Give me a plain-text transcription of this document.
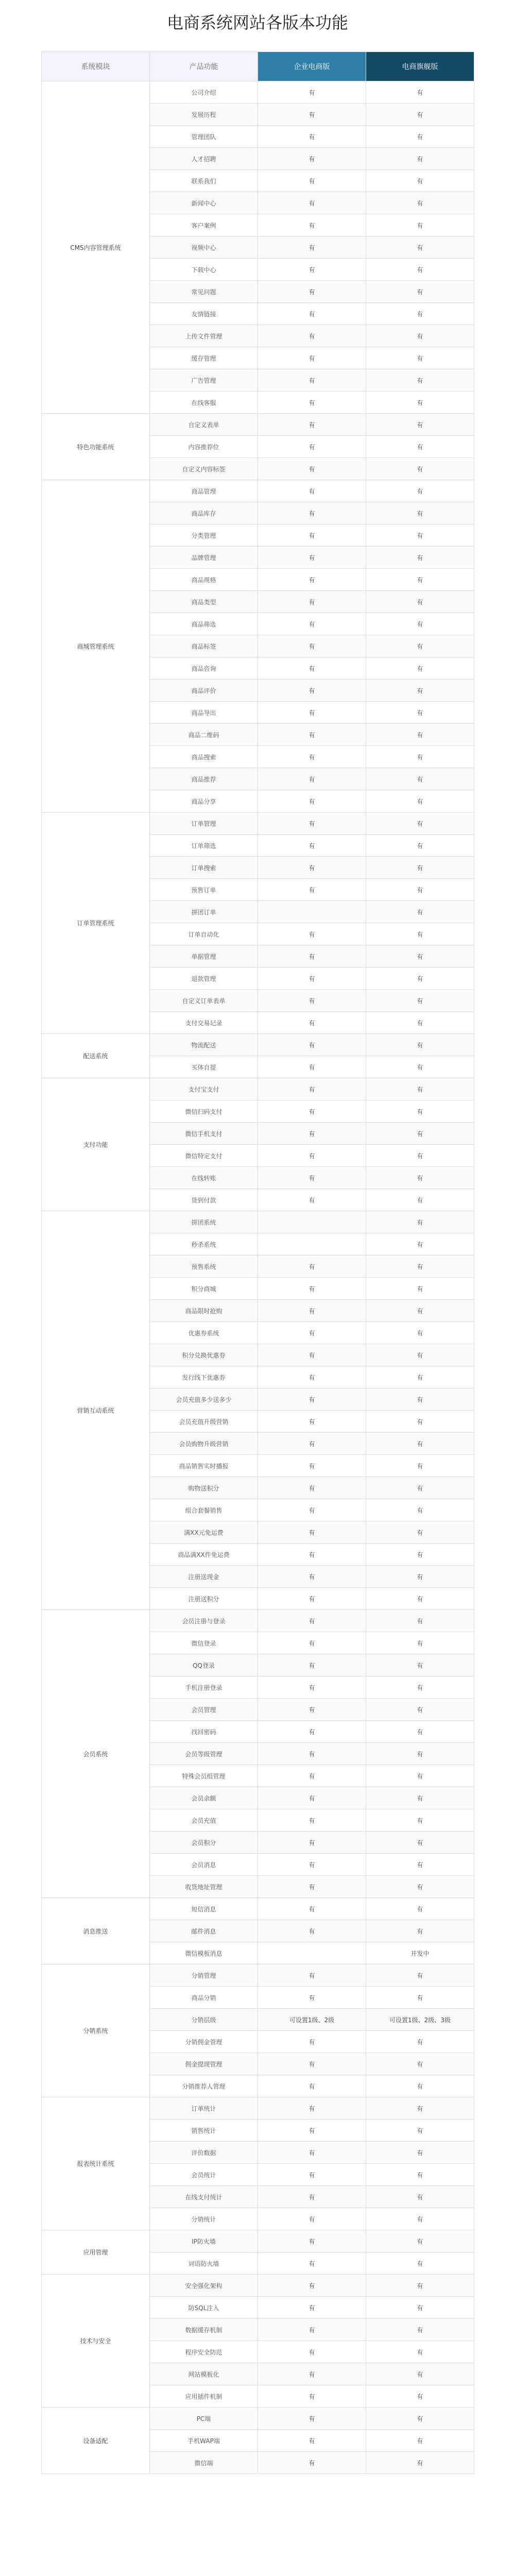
电商系统网站各版本功能
系统模块	产品功能	企业电商版	电商旗舰版
CMS内容管理系统	公司介绍	有	有
	发展历程	有	有
	管理团队	有	有
	人才招聘	有	有
	联系我们	有	有
	新闻中心	有	有
	客户案例	有	有
	视频中心	有	有
	下载中心	有	有
	常见问题	有	有
	友情链接	有	有
	上传文件管理	有	有
	缓存管理	有	有
	广告管理	有	有
	在线客服	有	有
特色功能系统	自定义表单	有	有
	内容推荐位	有	有
	自定义内容标签	有	有
商城管理系统	商品管理	有	有
	商品库存	有	有
	分类管理	有	有
	品牌管理	有	有
	商品规格	有	有
	商品类型	有	有
	商品筛选	有	有
	商品标签	有	有
	商品咨询	有	有
	商品评价	有	有
	商品导出	有	有
	商品二维码	有	有
	商品搜索	有	有
	商品推荐	有	有
	商品分享	有	有
订单管理系统	订单管理	有	有
	订单筛选	有	有
	订单搜索	有	有
	预售订单	有	有
	拼团订单		有
	订单自动化	有	有
	单据管理	有	有
	退款管理	有	有
	自定义订单表单	有	有
	支付交易记录	有	有
配送系统	物流配送	有	有
	买体自提	有	有
支付功能	支付宝支付	有	有
	微信扫码支付	有	有
	微信手机支付	有	有
	微信特定支付	有	有
	在线转账	有	有
	货到付款	有	有
营销互动系统	拼团系统		有
	秒杀系统		有
	预售系统	有	有
	积分商城	有	有
	商品限时抢购	有	有
	优惠券系统	有	有
	积分兑换优惠券	有	有
	发行线下优惠券	有	有
	会员充值多少送多少	有	有
	会员充值升级营销	有	有
	会员购物升级营销	有	有
	商品销售实时播报	有	有
	购物送积分	有	有
	组合套餐销售	有	有
	满XX元免运费	有	有
	商品满XX件免运费	有	有
	注册送现金	有	有
	注册送积分	有	有
会员系统	会员注册与登录	有	有
	微信登录	有	有
	QQ登录	有	有
	手机注册登录	有	有
	会员管理	有	有
	找回密码	有	有
	会员等级管理	有	有
	特殊会员组管理	有	有
	会员余额	有	有
	会员充值	有	有
	会员积分	有	有
	会员消息	有	有
	收货地址管理	有	有
消息推送	短信消息	有	有
	邮件消息	有	有
	微信模板消息		开发中
分销系统	分销管理	有	有
	商品分销	有	有
	分销层级	可设置1级、2级	可设置1级、2级、3级
	分销佣金管理	有	有
	佣金提现管理	有	有
	分销推荐人管理	有	有
报表统计系统	订单统计	有	有
	销售统计	有	有
	评价数据	有	有
	会员统计	有	有
	在线支付统计	有	有
	分销统计	有	有
应用管理	IP防火墙	有	有
	词语防火墙	有	有
技术与安全	安全强化架构	有	有
	防SQL注入	有	有
	数据缓存机制	有	有
	程序安全防范	有	有
	网站模板化	有	有
	应用插件机制	有	有
设备适配	PC端	有	有
	手机WAP端	有	有
	微信端	有	有
